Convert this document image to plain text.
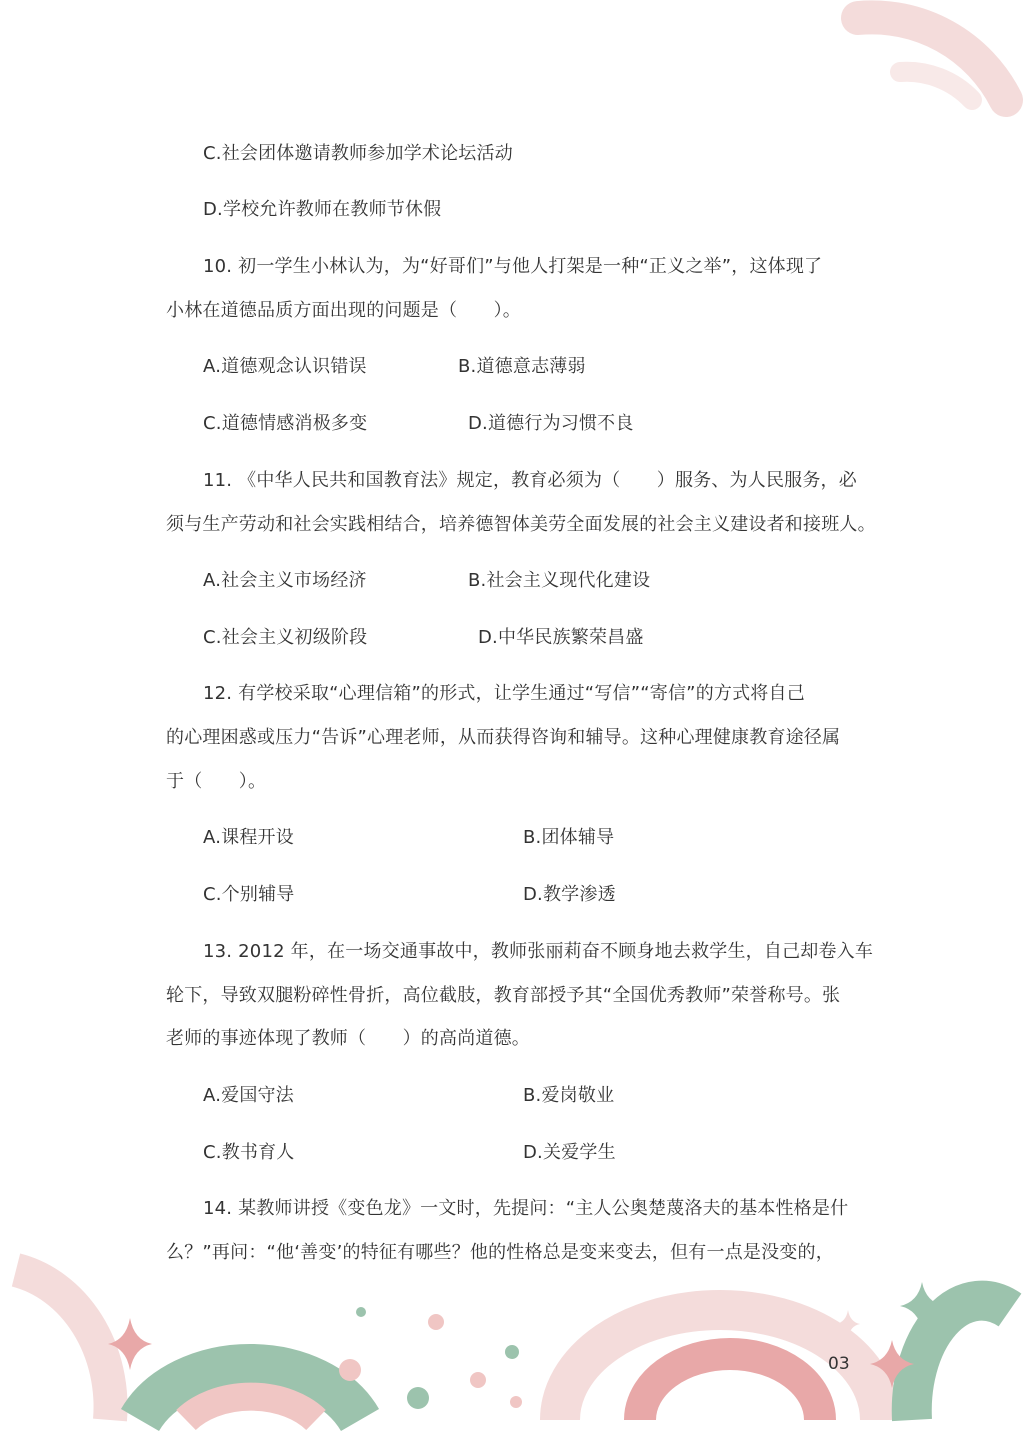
C.社会团体邀请教师参加学术论坛活动
D.学校允许教师在教师节休假
10. 初一学生小林认为，为“好哥们”与他人打架是一种“正义之举”，这体现了
小林在道德品质方面出现的问题是（　　）。
A.道德观念认识错误	B.道德意志薄弱
C.道德情感消极多变	D.道德行为习惯不良
11. 《中华人民共和国教育法》规定，教育必须为（　　）服务、为人民服务，必
须与生产劳动和社会实践相结合，培养德智体美劳全面发展的社会主义建设者和接班人。
A.社会主义市场经济	B.社会主义现代化建设
C.社会主义初级阶段	D.中华民族繁荣昌盛
12. 有学校采取“心理信箱”的形式，让学生通过“写信”“寄信”的方式将自己
的心理困惑或压力“告诉”心理老师，从而获得咨询和辅导。这种心理健康教育途径属
于（　　）。
A.课程开设	B.团体辅导
C.个别辅导	D.教学渗透
13. 2012 年，在一场交通事故中，教师张丽莉奋不顾身地去救学生，自己却卷入车
轮下，导致双腿粉碎性骨折，高位截肢，教育部授予其“全国优秀教师”荣誉称号。张
老师的事迹体现了教师（　　）的高尚道德。
A.爱国守法	B.爱岗敬业
C.教书育人	D.关爱学生
14. 某教师讲授《变色龙》一文时，先提问：“主人公奥楚蔑洛夫的基本性格是什
么？”再问：“他‘善变’的特征有哪些？他的性格总是变来变去，但有一点是没变的，
03
